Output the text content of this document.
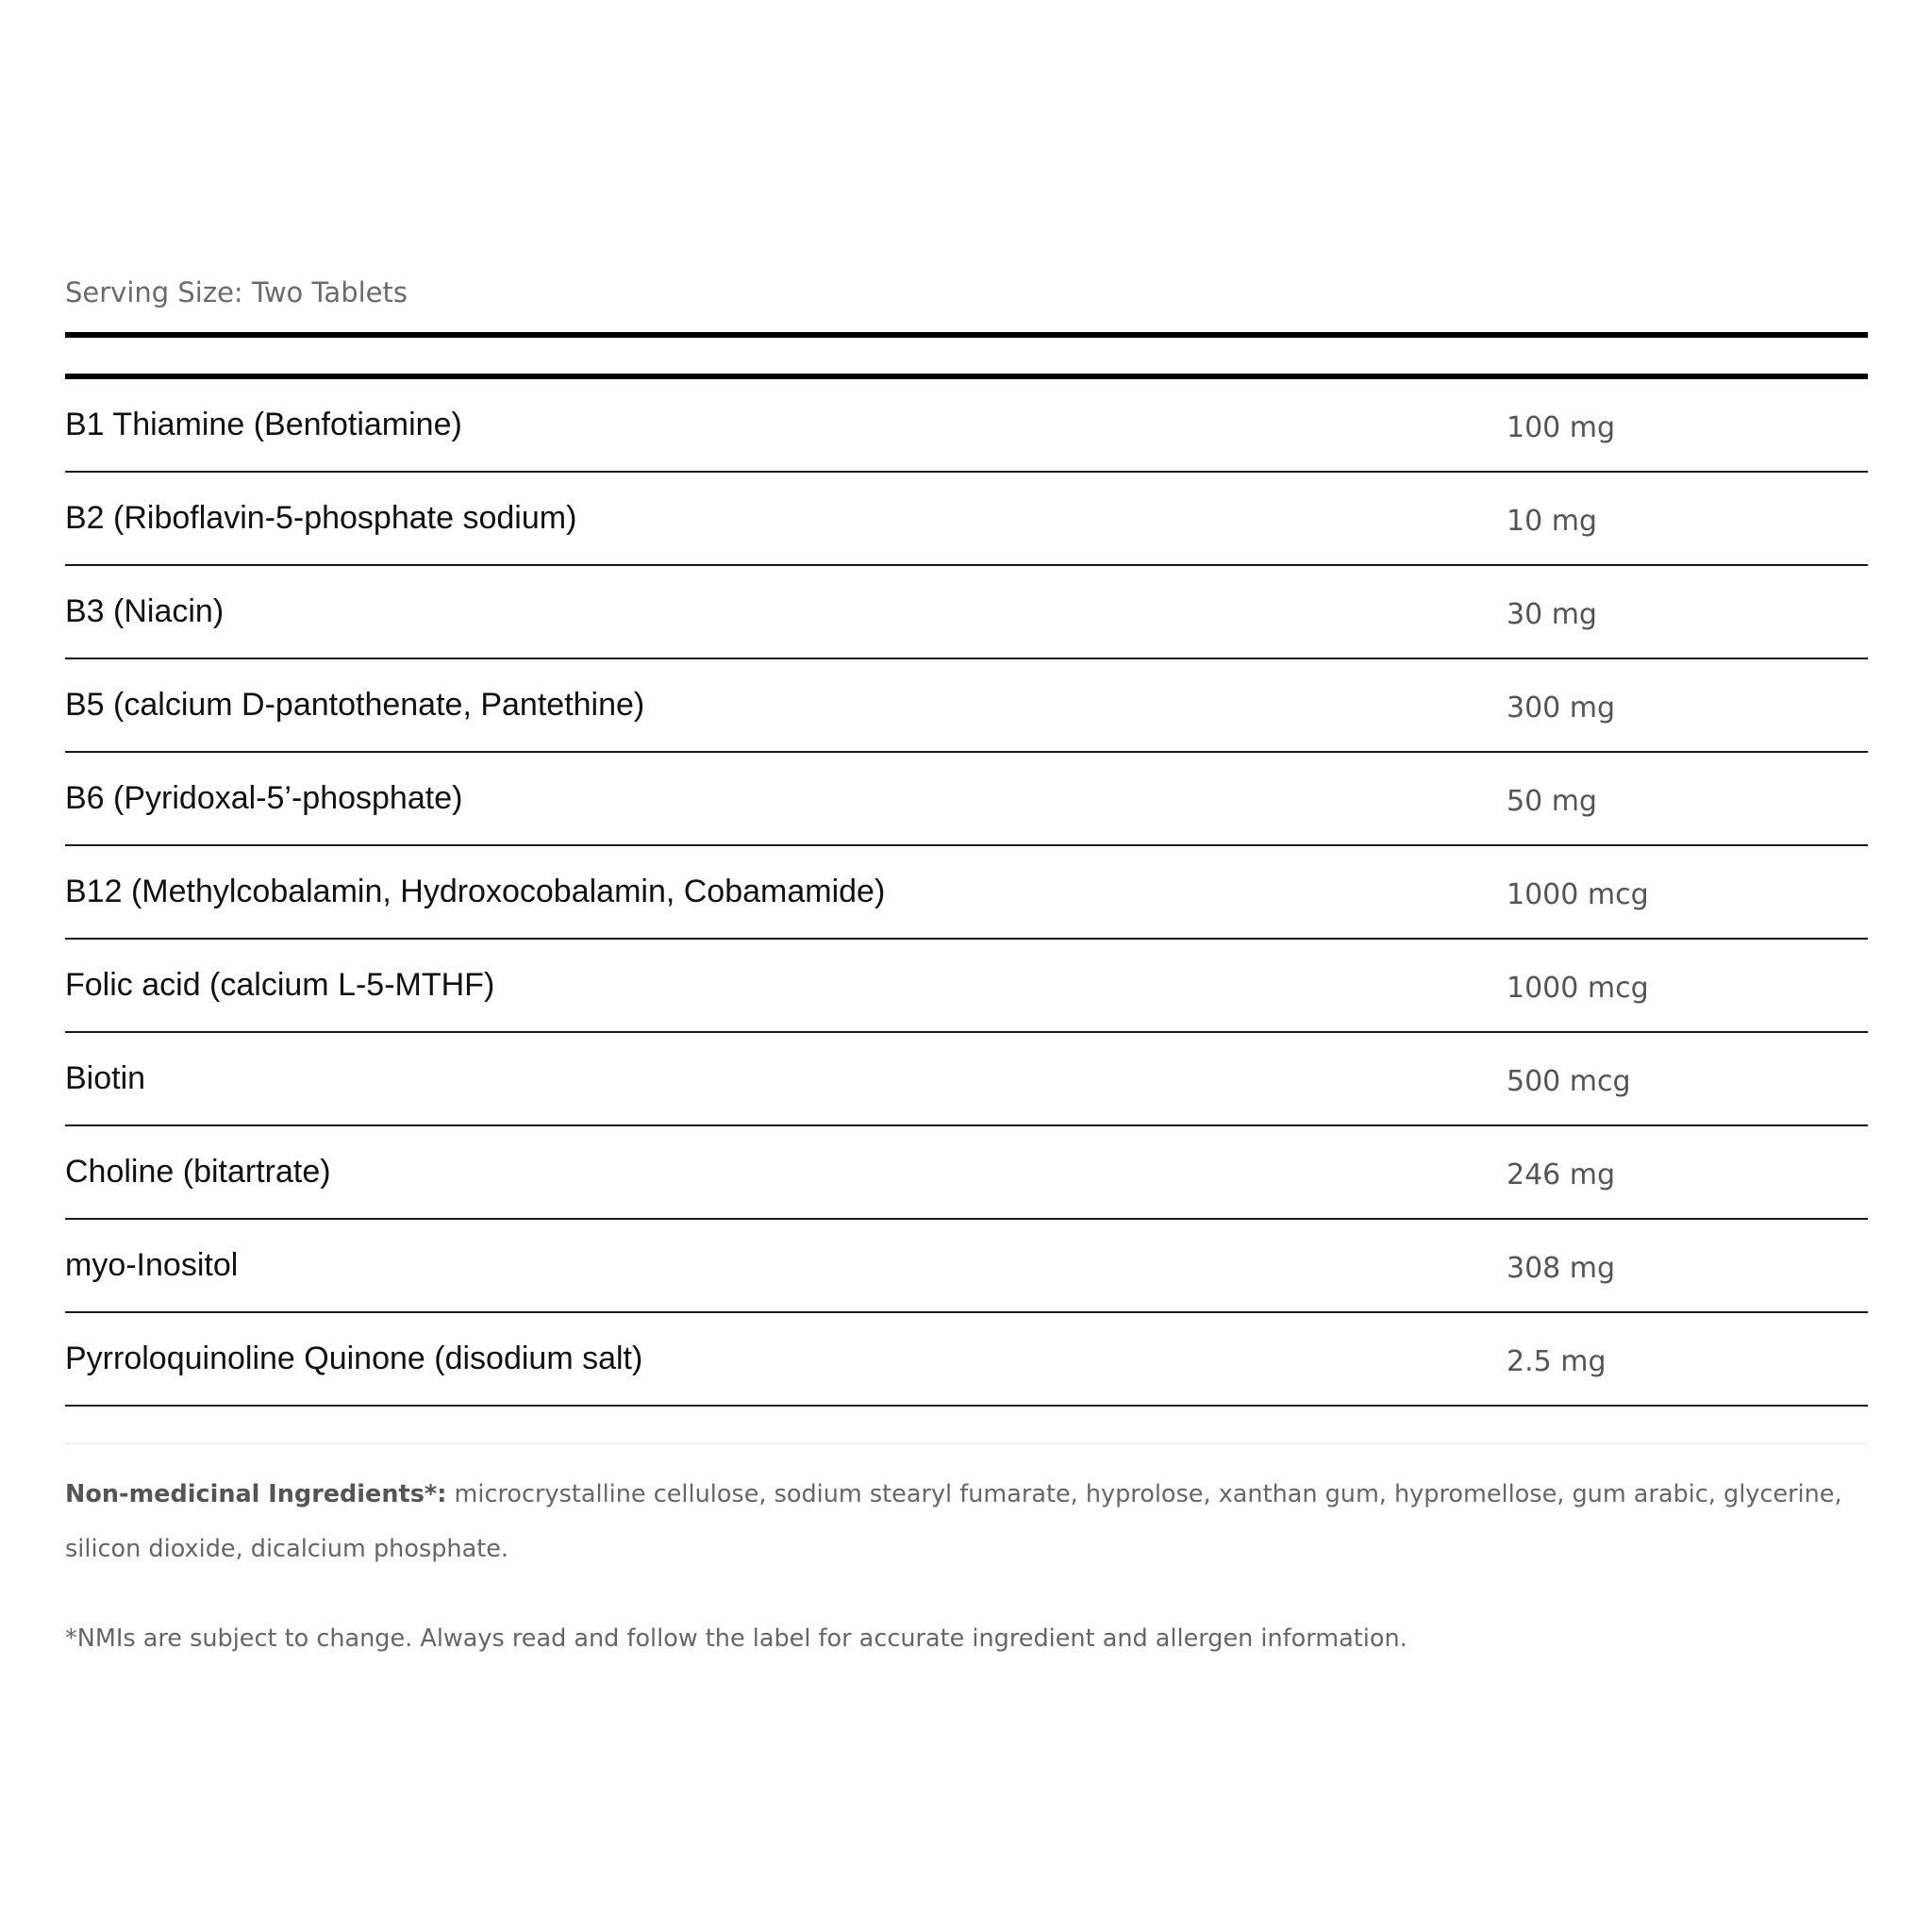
Serving Size: Two Tablets

B1 Thiamine (Benfotiamine)	100 mg
B2 (Riboflavin-5-phosphate sodium)	10 mg
B3 (Niacin)	30 mg
B5 (calcium D-pantothenate, Pantethine)	300 mg
B6 (Pyridoxal-5’-phosphate)	50 mg
B12 (Methylcobalamin, Hydroxocobalamin, Cobamamide)	1000 mcg
Folic acid (calcium L-5-MTHF)	1000 mcg
Biotin	500 mcg
Choline (bitartrate)	246 mg
myo-Inositol	308 mg
Pyrroloquinoline Quinone (disodium salt)	2.5 mg

Non-medicinal Ingredients*: microcrystalline cellulose, sodium stearyl fumarate, hyprolose, xanthan gum, hypromellose, gum arabic, glycerine, silicon dioxide, dicalcium phosphate.

*NMIs are subject to change. Always read and follow the label for accurate ingredient and allergen information.
